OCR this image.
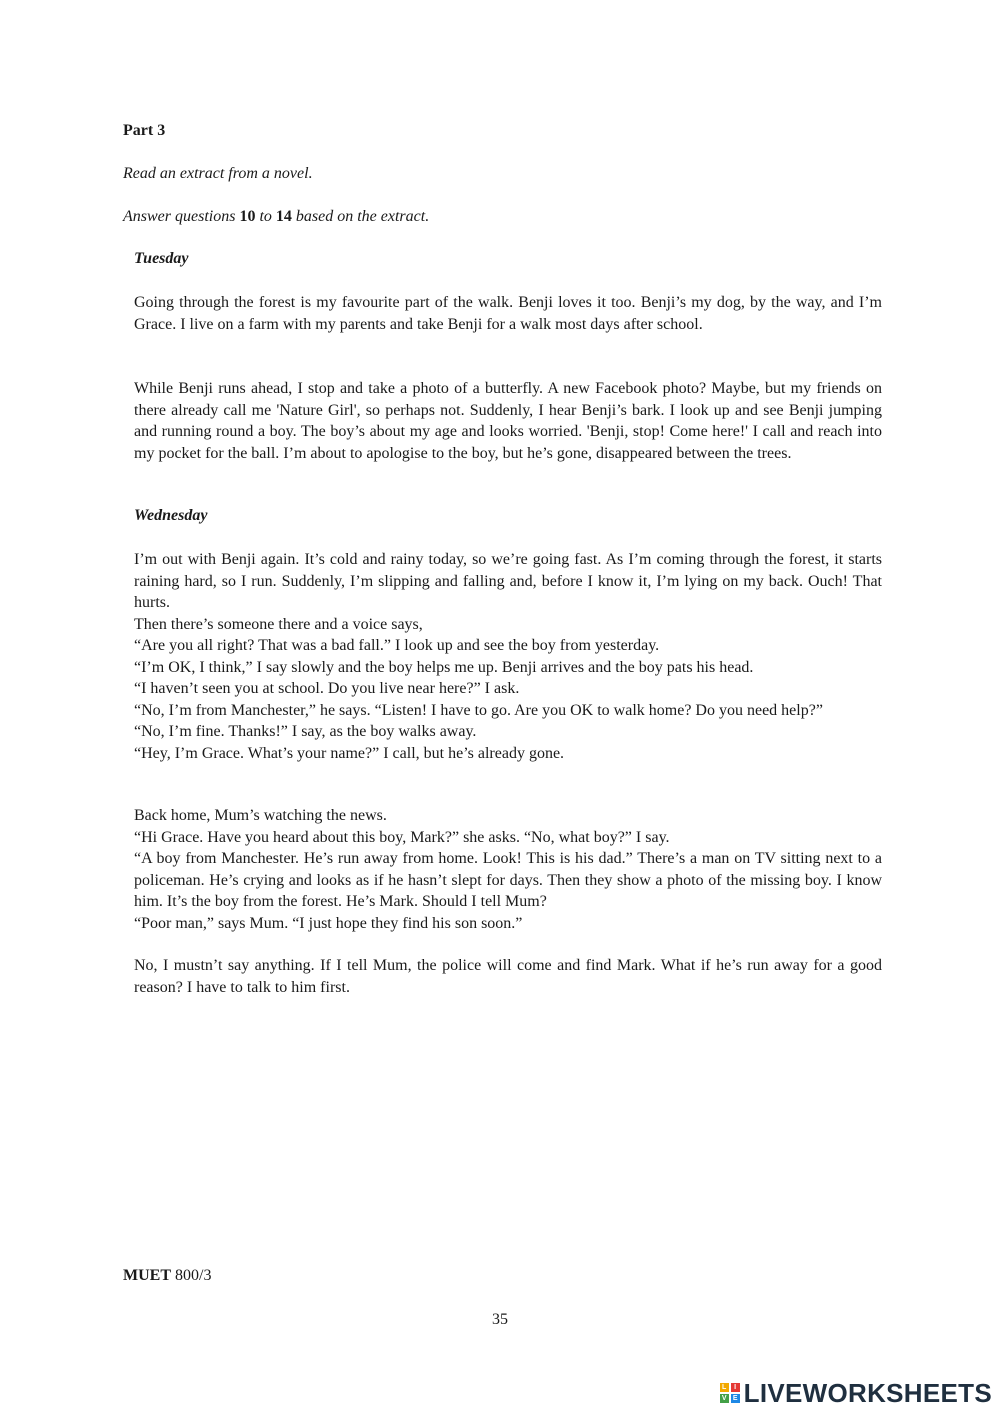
Part 3
Read an extract from a novel.
Answer questions 10 to 14 based on the extract.
Tuesday
Going through the forest is my favourite part of the walk. Benji loves it too. Benji’s my dog, by the way, and I’m Grace. I live on a farm with my parents and take Benji for a walk most days after school.
While Benji runs ahead, I stop and take a photo of a butterfly. A new Facebook photo? Maybe, but my friends on there already call me 'Nature Girl', so perhaps not. Suddenly, I hear Benji’s bark. I look up and see Benji jumping and running round a boy. The boy’s about my age and looks worried. 'Benji, stop! Come here!' I call and reach into my pocket for the ball. I’m about to apologise to the boy, but he’s gone, disappeared between the trees.
Wednesday
I’m out with Benji again. It’s cold and rainy today, so we’re going fast. As I’m coming through the forest, it starts raining hard, so I run. Suddenly, I’m slipping and falling and, before I know it, I’m lying on my back. Ouch! That hurts.
Then there’s someone there and a voice says,
“Are you all right? That was a bad fall.” I look up and see the boy from yesterday.
“I’m OK, I think,” I say slowly and the boy helps me up. Benji arrives and the boy pats his head.
“I haven’t seen you at school. Do you live near here?” I ask.
“No, I’m from Manchester,” he says. “Listen! I have to go. Are you OK to walk home? Do you need help?”
“No, I’m fine. Thanks!” I say, as the boy walks away.
“Hey, I’m Grace. What’s your name?” I call, but he’s already gone.
Back home, Mum’s watching the news.
“Hi Grace. Have you heard about this boy, Mark?” she asks. “No, what boy?” I say.
“A boy from Manchester. He’s run away from home. Look! This is his dad.” There’s a man on TV sitting next to a policeman. He’s crying and looks as if he hasn’t slept for days. Then they show a photo of the missing boy. I know him. It’s the boy from the forest. He’s Mark. Should I tell Mum?
“Poor man,” says Mum. “I just hope they find his son soon.”
No, I mustn’t say anything. If I tell Mum, the police will come and find Mark. What if he’s run away for a good reason? I have to talk to him first.
MUET 800/3
35
L	I
V E LIVEWORKSHEETS
